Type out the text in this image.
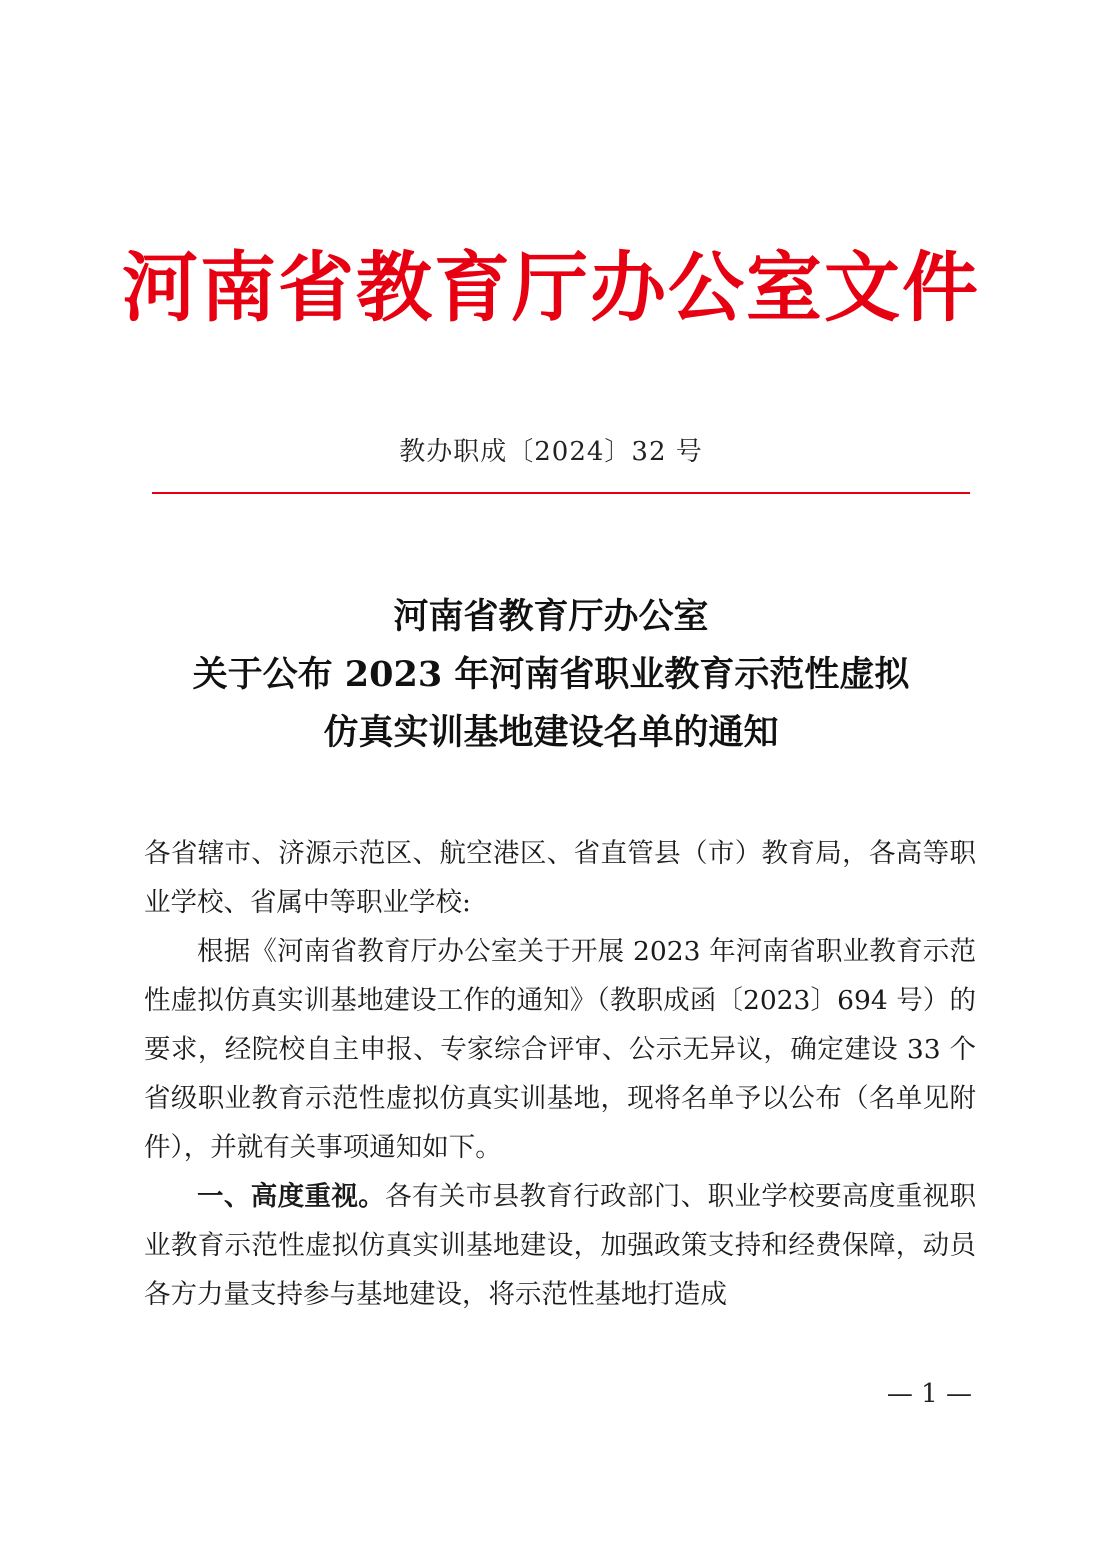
河南省教育厅办公室文件
教办职成〔2024〕32 号
河南省教育厅办公室
关于公布 2023 年河南省职业教育示范性虚拟
仿真实训基地建设名单的通知

各省辖市、济源示范区、航空港区、省直管县（市）教育局，各高等职业学校、省属中等职业学校:

根据《河南省教育厅办公室关于开展 2023 年河南省职业教育示范性虚拟仿真实训基地建设工作的通知》（教职成函〔2023〕694 号）的要求，经院校自主申报、专家综合评审、公示无异议，确定建设 33 个省级职业教育示范性虚拟仿真实训基地，现将名单予以公布（名单见附件），并就有关事项通知如下。

一、高度重视。各有关市县教育行政部门、职业学校要高度重视职业教育示范性虚拟仿真实训基地建设，加强政策支持和经费保障，动员各方力量支持参与基地建设，将示范性基地打造成

— 1 —
